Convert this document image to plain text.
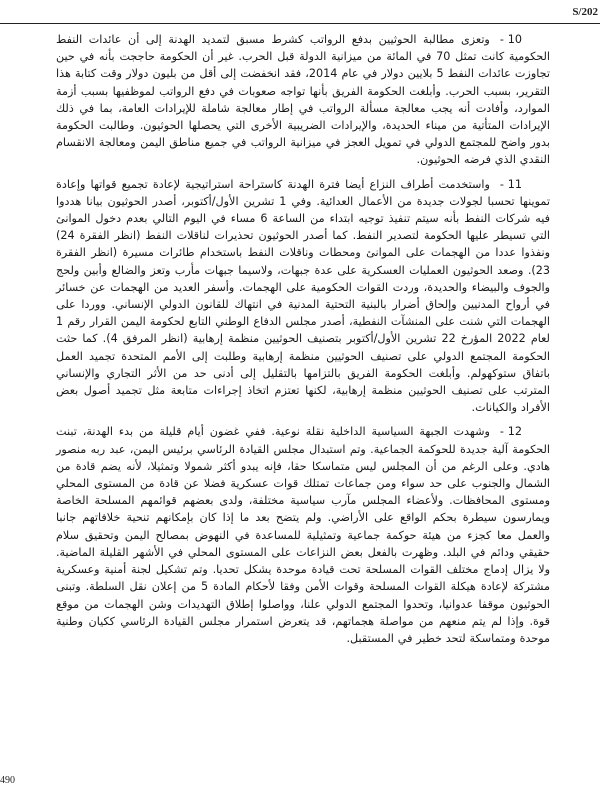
S/202

10 -وتعزى مطالبة الحوثيين بدفع الرواتب كشرط مسبق لتمديد الهدنة إلى أن عائدات النفط الحكومية كانت تمثل 70 في المائة من ميزانية الدولة قبل الحرب. غير أن الحكومة حاججت بأنه في حين تجاوزت عائدات النفط 5 بلايين دولار في عام 2014، فقد انخفضت إلى أقل من بليون دولار وقت كتابة هذا التقرير، بسبب الحرب. وأبلغت الحكومة الفريق بأنها تواجه صعوبات في دفع الرواتب لموظفيها بسبب أزمة الموارد، وأفادت أنه يجب معالجة مسألة الرواتب في إطار معالجة شاملة للإيرادات العامة، بما في ذلك الإيرادات المتأتية من ميناء الحديدة، والإيرادات الضريبية الأخرى التي يحصلها الحوثيون. وطالبت الحكومة بدور واضح للمجتمع الدولي في تمويل العجز في ميزانية الرواتب في جميع مناطق اليمن ومعالجة الانقسام النقدي الذي فرضه الحوثيون.

11 -واستخدمت أطراف النزاع أيضا فترة الهدنة كاستراحة استراتيجية لإعادة تجميع قواتها وإعادة تموينها تحسبا لجولات جديدة من الأعمال العدائية. وفي 1 تشرين الأول/أكتوبر، أصدر الحوثيون بيانا هددوا فيه شركات النفط بأنه سيتم تنفيذ توجيه ابتداء من الساعة 6 مساء في اليوم التالي بعدم دخول الموانئ التي تسيطر عليها الحكومة لتصدير النفط. كما أصدر الحوثيون تحذيرات لناقلات النفط (انظر الفقرة 24) ونفذوا عددا من الهجمات على الموانئ ومحطات وناقلات النفط باستخدام طائرات مسيرة (انظر الفقرة 23). وصعد الحوثيون العمليات العسكرية على عدة جبهات، ولاسيما جبهات مأرب وتعز والضالع وأبين ولحج والجوف والبيضاء والحديدة، وردت القوات الحكومية على الهجمات. وأسفر العديد من الهجمات عن خسائر في أرواح المدنيين وإلحاق أضرار بالبنية التحتية المدنية في انتهاك للقانون الدولي الإنساني. ووردا على الهجمات التي شنت على المنشآت النفطية، أصدر مجلس الدفاع الوطني التابع لحكومة اليمن القرار رقم 1 لعام 2022 المؤرخ 22 تشرين الأول/أكتوبر بتصنيف الحوثيين منظمة إرهابية (انظر المرفق 4). كما حثت الحكومة المجتمع الدولي على تصنيف الحوثيين منظمة إرهابية وطلبت إلى الأمم المتحدة تجميد العمل باتفاق ستوكهولم. وأبلغت الحكومة الفريق بالتزامها بالتقليل إلى أدنى حد من الأثر التجاري والإنساني المترتب على تصنيف الحوثيين منظمة إرهابية، لكنها تعتزم اتخاذ إجراءات متابعة مثل تجميد أصول بعض الأفراد والكيانات.

12 -وشهدت الجبهة السياسية الداخلية نقلة نوعية. ففي غضون أيام قليلة من بدء الهدنة، تبنت الحكومة آلية جديدة للحوكمة الجماعية. وتم استبدال مجلس القيادة الرئاسي برئيس اليمن، عبد ربه منصور هادي. وعلى الرغم من أن المجلس ليس متماسكا حقا، فإنه يبدو أكثر شمولا وتمثيلا، لأنه يضم قادة من الشمال والجنوب على حد سواء ومن جماعات تمتلك قوات عسكرية فضلا عن قادة من المستوى المحلي ومستوى المحافظات. ولأعضاء المجلس مآرب سياسية مختلفة، ولدى بعضهم قوائمهم المسلحة الخاصة ويمارسون سيطرة بحكم الواقع على الأراضي. ولم يتضح بعد ما إذا كان بإمكانهم تنحية خلافاتهم جانبا والعمل معا كجزء من هيئة حوكمة جماعية وتمثيلية للمساعدة في النهوض بمصالح اليمن وتحقيق سلام حقيقي ودائم في البلد. وظهرت بالفعل بعض النزاعات على المستوى المحلي في الأشهر القليلة الماضية. ولا يزال إدماج مختلف القوات المسلحة تحت قيادة موحدة يشكل تحديا. وتم تشكيل لجنة أمنية وعسكرية مشتركة لإعادة هيكلة القوات المسلحة وقوات الأمن وفقا لأحكام المادة 5 من إعلان نقل السلطة. وتبنى الحوثيون موقفا عدوانيا، وتحدوا المجتمع الدولي علنا، وواصلوا إطلاق التهديدات وشن الهجمات من موقع قوة. وإذا لم يتم منعهم من مواصلة هجماتهم، قد يتعرض استمرار مجلس القيادة الرئاسي ككيان وطنية موحدة ومتماسكة لتحد خطير في المستقبل.

490
